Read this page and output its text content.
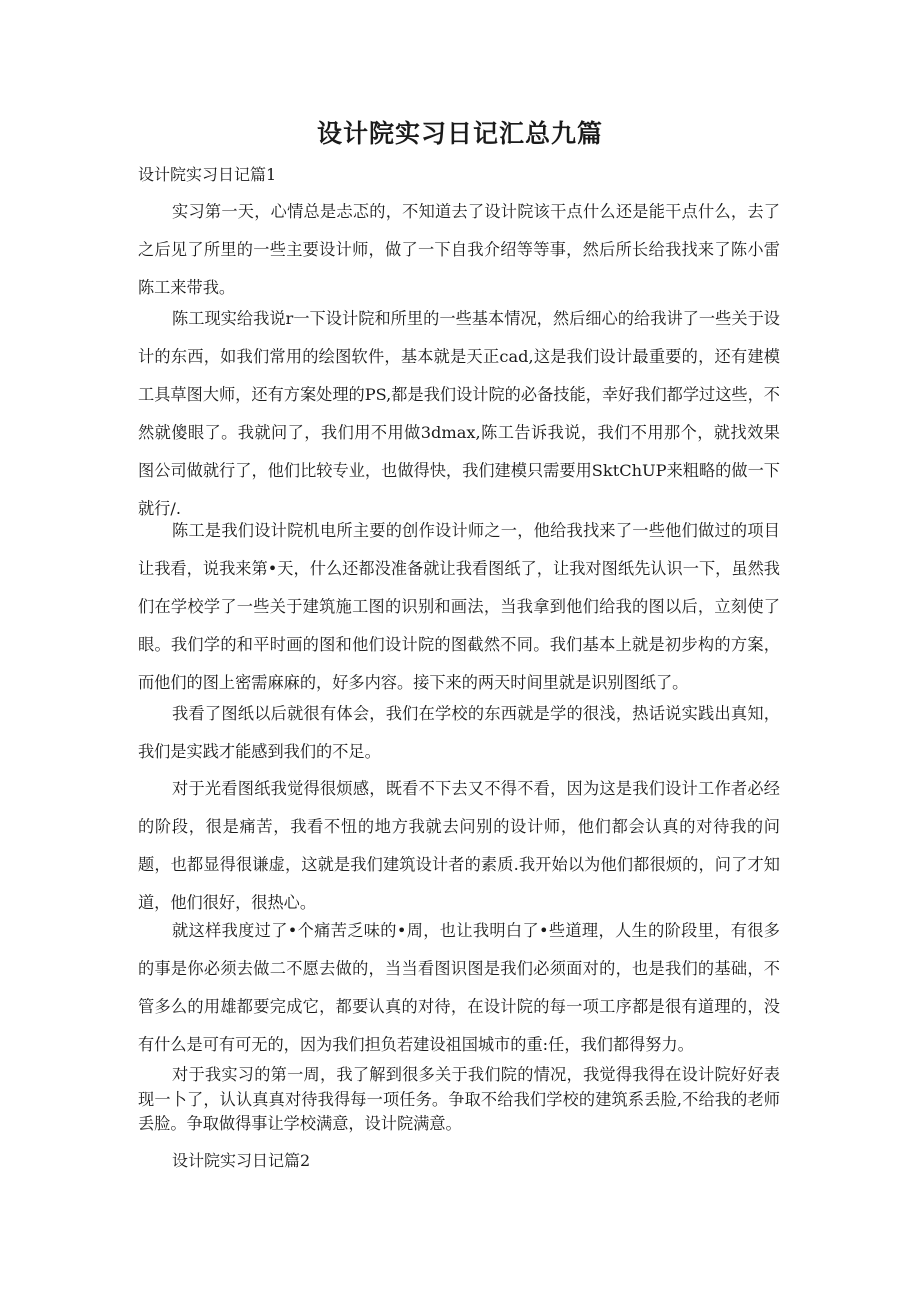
设计院实习日记汇总九篇

设计院实习日记篇1

实习第一天，心情总是忐忑的，不知道去了设计院该干点什么还是能干点什么，去了之后见了所里的一些主要设计师，做了一下自我介绍等等事，然后所长给我找来了陈小雷陈工来带我。

陈工现实给我说r一下设计院和所里的一些基本情况，然后细心的给我讲了一些关于设计的东西，如我们常用的绘图软件，基本就是天正cad,这是我们设计最重要的，还有建模工具草图大师，还有方案处理的PS,都是我们设计院的必备技能，幸好我们都学过这些，不然就傻眼了。我就问了，我们用不用做3dmax,陈工告诉我说，我们不用那个，就找效果图公司做就行了，他们比较专业，也做得快，我们建模只需要用SktChUP来粗略的做一下就行/.

陈工是我们设计院机电所主要的创作设计师之一，他给我找来了一些他们做过的项目让我看，说我来第•天，什么还都没准备就让我看图纸了，让我对图纸先认识一下，虽然我们在学校学了一些关于建筑施工图的识别和画法，当我拿到他们给我的图以后，立刻使了眼。我们学的和平时画的图和他们设计院的图截然不同。我们基本上就是初步构的方案，而他们的图上密需麻麻的，好多内容。接下来的两天时间里就是识别图纸了。

我看了图纸以后就很有体会，我们在学校的东西就是学的很浅，热话说实践出真知，我们是实践才能感到我们的不足。

对于光看图纸我觉得很烦感，既看不下去又不得不看，因为这是我们设计工作者必经的阶段，很是痛苦，我看不忸的地方我就去问别的设计师，他们都会认真的对待我的问题，也都显得很谦虚，这就是我们建筑设计者的素质.我开始以为他们都很烦的，问了才知道，他们很好，很热心。

就这样我度过了•个痛苦乏味的•周，也让我明白了•些道理，人生的阶段里，有很多的事是你必须去做二不愿去做的，当当看图识图是我们必须面对的，也是我们的基础，不管多么的用雄都要完成它，都要认真的对待，在设计院的每一项工序都是很有道理的，没有什么是可有可无的，因为我们担负若建设祖国城市的重:任，我们都得努力。

对于我实习的第一周，我了解到很多关于我们院的情况，我觉得我得在设计院好好表现一卜了，认认真真对待我得每一项任务。争取不给我们学校的建筑系丢脸,不给我的老师丢脸。争取做得事让学校满意，设计院满意。

设计院实习日记篇2
